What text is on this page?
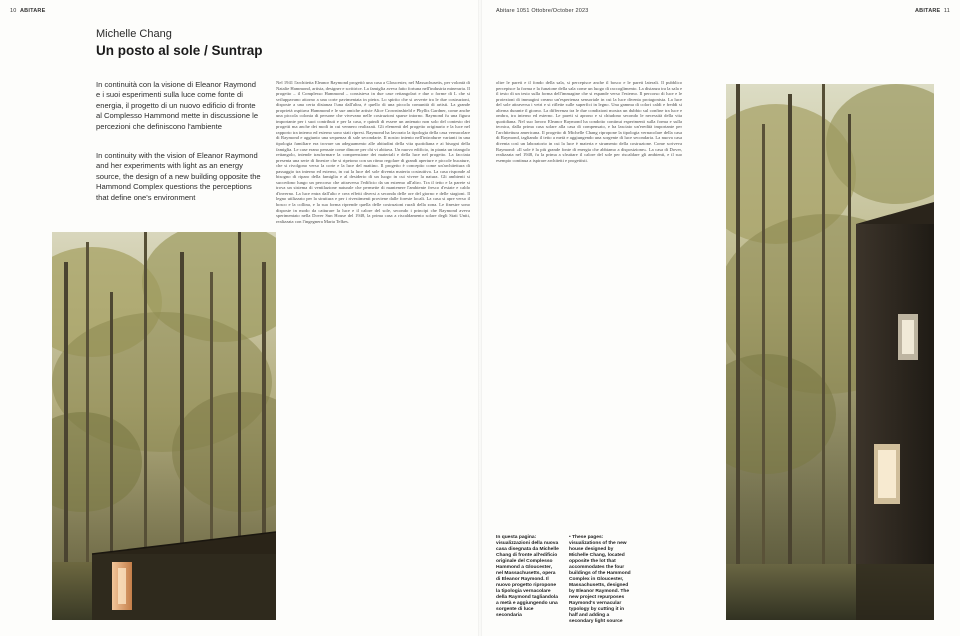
10 ABITARE
Michelle Chang
Un posto al sole / Suntrap
In continuità con la visione di Eleanor Raymond e i suoi esperimenti sulla luce come fonte di energia, il progetto di un nuovo edificio di fronte al Complesso Hammond mette in discussione le percezioni che definiscono l'ambiente
In continuity with the vision of Eleanor Raymond and her experiments with light as an energy source, the design of a new building opposite the Hammond Complex questions the perceptions that define one's environment

Nel 1941 l'architetta Eleanor Raymond progettò una casa a Gloucester, nel Massachusetts, per volontà di Natalie Hammond, artista, designer e scrittrice. La famiglia aveva fatto fortuna nell'industria mineraria. Il progetto – il Complesso Hammond – consisteva in due case rettangolari e due o forme di L che si sviluppavano attorno a una corte pavimentata in pietra. Lo spirito che si avverte tra le due costruzioni, disposte a una certa distanza l'una dall'altra, è quello di una piccola comunità di artisti. La grande proprietà ospitava Hammond e le sue amiche artiste Alice Crowninshield e Phyllis Gardner, come anche una piccola colonia di persone che vivevano nelle costruzioni sparse intorno. Raymond fu una figura importante per i suoi contributi e per la casa, e quindi di essere un antenato non solo del contesto dei progetti ma anche dei modi in cui vennero realizzati. Gli elementi del progetto originario e la luce nel rapporto tra interno ed esterno sono stati ripresi. Raymond ha lavorato la tipologia della casa vernacolare di Raymond e aggiunto una sequenza di sale secondarie. Il nostro intento nell'introdurre varianti in una tipologia familiare era trovare un adeguamento alle abitudini della vita quotidiana e ai bisogni della famiglia. Le case erano pensate come dimore per chi vi abitava. Un nuovo edificio, in pianta un triangolo rettangolo, intende trasformare la comprensione dei materiali e della luce nel progetto. La facciata presenta una serie di finestre che si ripetono con un ritmo regolare di grandi aperture e piccole bucature, che si rivolgono verso la corte e la luce del mattino. Il progetto è concepito come un'architettura di passaggio tra interno ed esterno, in cui la luce del sole diventa materia costruttiva. La casa risponde al bisogno di riparo della famiglia e al desiderio di un luogo in cui vivere la natura. Gli ambienti si succedono lungo un percorso che attraversa l'edificio da un estremo all'altro. Tra il tetto e la parete si trova un sistema di ventilazione naturale che permette di mantenere l'ambiente fresco d'estate e caldo d'inverno. La luce entra dall'alto e crea effetti diversi a seconda delle ore del giorno e delle stagioni. Il legno utilizzato per la struttura e per i rivestimenti proviene dalle foreste locali. La casa si apre verso il bosco e la collina, e la sua forma riprende quella delle costruzioni rurali della zona. Le finestre sono disposte in modo da catturare la luce e il calore del sole, secondo i principi che Raymond aveva sperimentato nella Dover Sun House del 1948, la prima casa a riscaldamento solare degli Stati Uniti, realizzata con l'ingegnera Maria Telkes.

Abitare 1051 Ottobre/October 2023	ABITARE 11

oltre le pareti e il fondo della sala, si percepisce anche il bosco e le pareti laterali. Il pubblico percepisce la forma e la funzione della sala come un luogo di raccoglimento. La distanza tra la sala e il testo di un testo sulla forma dell'immagine che si espande verso l'esterno. Il percorso di luce e le proiezioni di immagini creano un'esperienza sensoriale in cui la luce diventa protagonista. La luce del sole attraversa i vetri e si riflette sulle superfici in legno. Una gamma di colori caldi e freddi si alterna durante il giorno. La differenza tra le due condizioni mostra un dubbio sul confine tra luce e ombra, tra interno ed esterno. Le pareti si aprono e si chiudono secondo le necessità della vita quotidiana. Nel suo lavoro Eleanor Raymond ha condotto continui esperimenti sulla forma e sulla tecnica, dalla prima casa solare alla casa di compensato, e ha lasciato un'eredità importante per l'architettura americana. Il progetto di Michelle Chang ripropone la tipologia vernacolare della casa di Raymond, tagliando il tetto a metà e aggiungendo una sorgente di luce secondaria. La nuova casa diventa così un laboratorio in cui la luce è materia e strumento della costruzione. Come scriveva Raymond: «Il sole è la più grande fonte di energia che abbiamo a disposizione». La casa di Dover, realizzata nel 1948, fu la prima a sfruttare il calore del sole per riscaldare gli ambienti, e il suo esempio continua a ispirare architetti e progettisti.

In questa pagina: visualizzazioni della nuova casa disegnata da Michelle Chang di fronte all'edificio originale del Complesso Hammond a Gloucester, nel Massachusetts, opera di Eleanor Raymond. Il nuovo progetto ripropone la tipologia vernacolare della Raymond tagliandola a metà e aggiungendo una sorgente di luce secondaria
• These pages: visualizations of the new house designed by Michelle Chang, located opposite the lot that accommodates the four buildings of the Hammond Complex in Gloucester, Massachusetts, designed by Eleanor Raymond. The new project repurposes Raymond's vernacular typology by cutting it in half and adding a secondary light source
